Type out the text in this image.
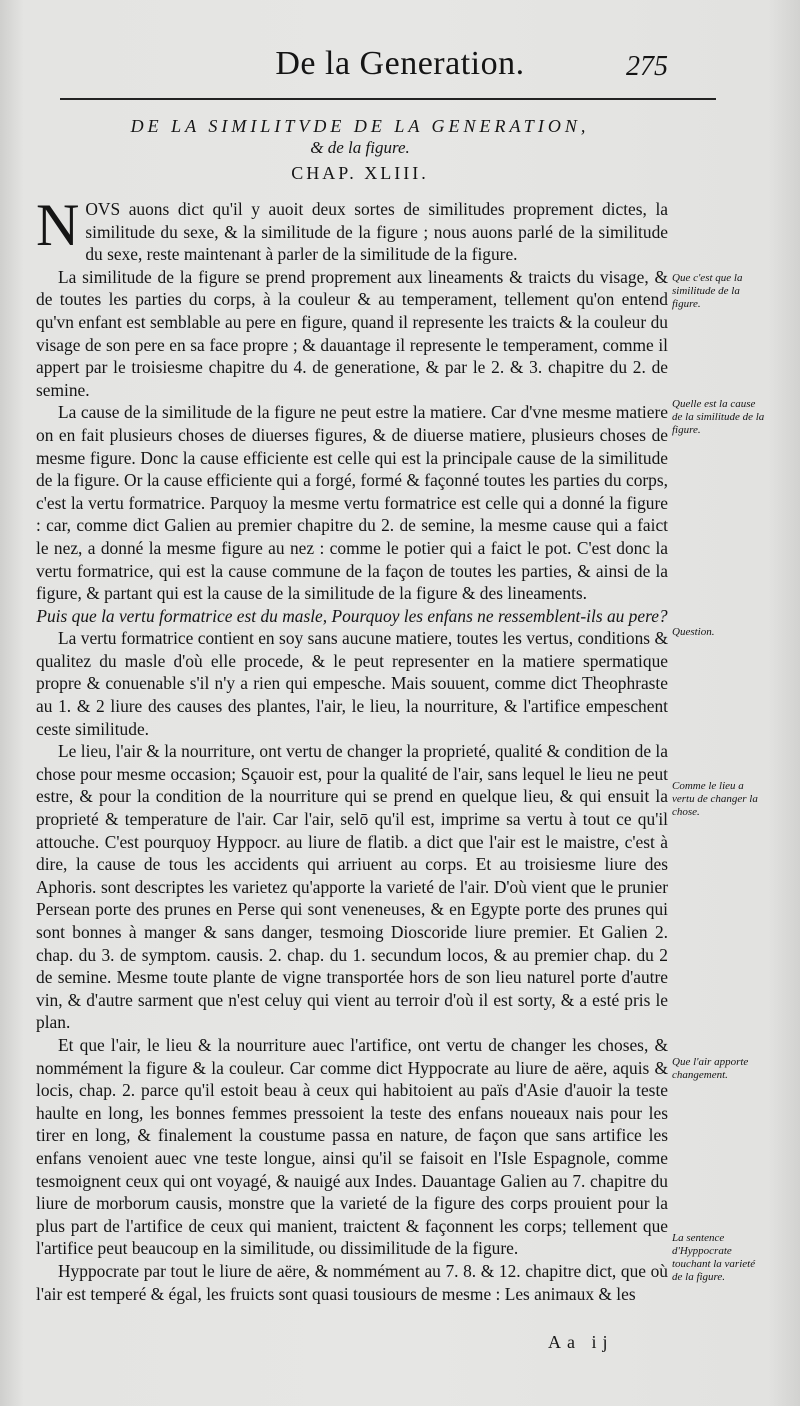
De la Generation.	275
DE LA SIMILITVDE DE LA GENERATION,
& de la figure.
CHAP. XLIII.

NOVS auons dict qu'il y auoit deux sortes de similitudes proprement dictes, la similitude du sexe, & la similitude de la figure ; nous auons parlé de la similitude du sexe, reste maintenant à parler de la similitude de la figure.

La similitude de la figure se prend proprement aux lineaments & traicts du visage, & de toutes les parties du corps, à la couleur & au temperament, tellement qu'on entend qu'vn enfant est semblable au pere en figure, quand il represente les traicts & la couleur du visage de son pere en sa face propre ; & dauantage il represente le temperament, comme il appert par le troisiesme chapitre du 4. de generatione, & par le 2. & 3. chapitre du 2. de semine.

La cause de la similitude de la figure ne peut estre la matiere. Car d'vne mesme matiere on en fait plusieurs choses de diuerses figures, & de diuerse matiere, plusieurs choses de mesme figure. Donc la cause efficiente est celle qui est la principale cause de la similitude de la figure. Or la cause efficiente qui a forgé, formé & façonné toutes les parties du corps, c'est la vertu formatrice. Parquoy la mesme vertu formatrice est celle qui a donné la figure : car, comme dict Galien au premier chapitre du 2. de semine, la mesme cause qui a faict le nez, a donné la mesme figure au nez : comme le potier qui a faict le pot. C'est donc la vertu formatrice, qui est la cause commune de la façon de toutes les parties, & ainsi de la figure, & partant qui est la cause de la similitude de la figure & des lineaments.

Puis que la vertu formatrice est du masle, Pourquoy les enfans ne ressemblent-ils au pere?

La vertu formatrice contient en soy sans aucune matiere, toutes les vertus, conditions & qualitez du masle d'où elle procede, & le peut representer en la matiere spermatique propre & conuenable s'il n'y a rien qui empesche. Mais souuent, comme dict Theophraste au 1. & 2 liure des causes des plantes, l'air, le lieu, la nourriture, & l'artifice empeschent ceste similitude.

Le lieu, l'air & la nourriture, ont vertu de changer la proprieté, qualité & condition de la chose pour mesme occasion; Sçauoir est, pour la qualité de l'air, sans lequel le lieu ne peut estre, & pour la condition de la nourriture qui se prend en quelque lieu, & qui ensuit la proprieté & temperature de l'air. Car l'air, selō qu'il est, imprime sa vertu à tout ce qu'il attouche. C'est pourquoy Hyppocr. au liure de flatib. a dict que l'air est le maistre, c'est à dire, la cause de tous les accidents qui arriuent au corps. Et au troisiesme liure des Aphoris. sont descriptes les varietez qu'apporte la varieté de l'air. D'où vient que le prunier Persean porte des prunes en Perse qui sont veneneuses, & en Egypte porte des prunes qui sont bonnes à manger & sans danger, tesmoing Dioscoride liure premier. Et Galien 2. chap. du 3. de symptom. causis. 2. chap. du 1. secundum locos, & au premier chap. du 2 de semine. Mesme toute plante de vigne transportée hors de son lieu naturel porte d'autre vin, & d'autre sarment que n'est celuy qui vient au terroir d'où il est sorty, & a esté pris le plan.

Et que l'air, le lieu & la nourriture auec l'artifice, ont vertu de changer les choses, & nommément la figure & la couleur. Car comme dict Hyppocrate au liure de aëre, aquis & locis, chap. 2. parce qu'il estoit beau à ceux qui habitoient au païs d'Asie d'auoir la teste haulte en long, les bonnes femmes pressoient la teste des enfans noueaux nais pour les tirer en long, & finalement la coustume passa en nature, de façon que sans artifice les enfans venoient auec vne teste longue, ainsi qu'il se faisoit en l'Isle Espagnole, comme tesmoignent ceux qui ont voyagé, & nauigé aux Indes. Dauantage Galien au 7. chapitre du liure de morborum causis, monstre que la varieté de la figure des corps prouient pour la plus part de l'artifice de ceux qui manient, traictent & façonnent les corps; tellement que l'artifice peut beaucoup en la similitude, ou dissimilitude de la figure.

Hyppocrate par tout le liure de aëre, & nommément au 7. 8. & 12. chapitre dict, que où l'air est temperé & égal, les fruicts sont quasi tousiours de mesme : Les animaux & les

Que c'est que la similitude de la figure.
Quelle est la cause de la similitude de la figure.
Question.
Comme le lieu a vertu de changer la chose.
Que l'air apporte changement.
La sentence d'Hyppocrate touchant la varieté de la figure.
Aa ij
